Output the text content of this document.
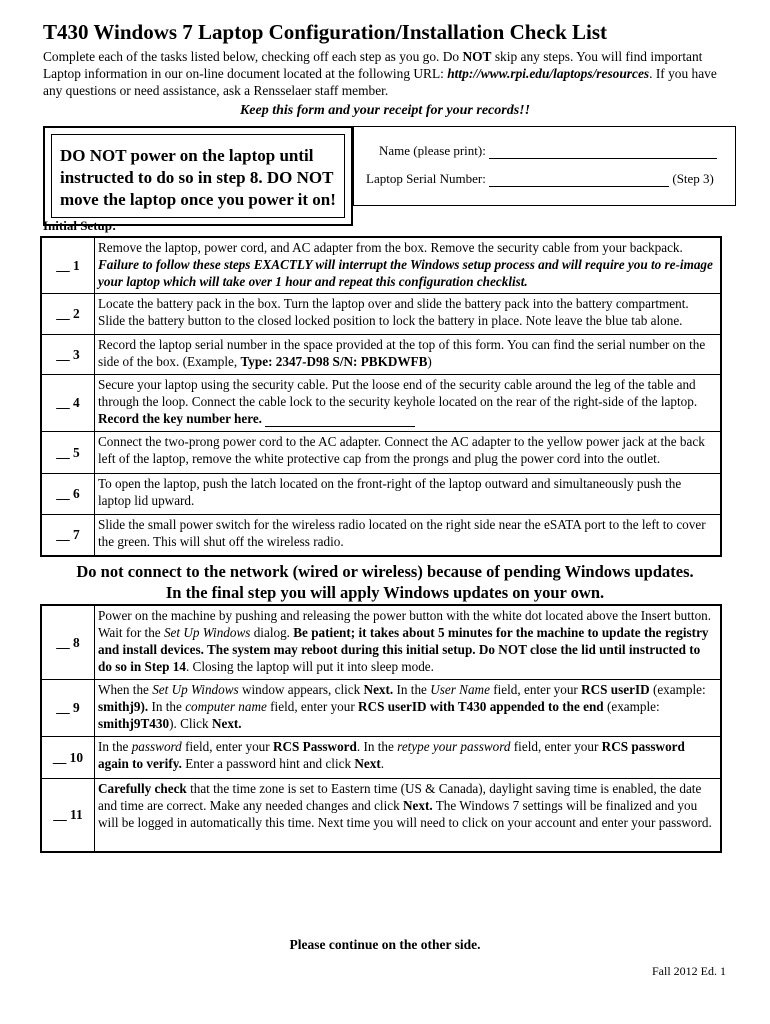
T430 Windows 7 Laptop Configuration/Installation Check List
Complete each of the tasks listed below, checking off each step as you go. Do NOT skip any steps. You will find important Laptop information in our on-line document located at the following URL: http://www.rpi.edu/laptops/resources. If you have any questions or need assistance, ask a Rensselaer staff member.
Keep this form and your receipt for your records!!
DO NOT power on the laptop until instructed to do so in step 8. DO NOT move the laptop once you power it on!
Name (please print):
Laptop Serial Number:	(Step 3)
Initial Setup:
__ 1
Remove the laptop, power cord, and AC adapter from the box. Remove the security cable from your backpack. Failure to follow these steps EXACTLY will interrupt the Windows setup process and will require you to re-image your laptop which will take over 1 hour and repeat this configuration checklist.
__ 2
Locate the battery pack in the box. Turn the laptop over and slide the battery pack into the battery compartment. Slide the battery button to the closed locked position to lock the battery in place. Note leave the blue tab alone.
__ 3
Record the laptop serial number in the space provided at the top of this form. You can find the serial number on the side of the box. (Example, Type: 2347-D98 S/N: PBKDWFB)
__ 4
Secure your laptop using the security cable. Put the loose end of the security cable around the leg of the table and through the loop. Connect the cable lock to the security keyhole located on the rear of the right-side of the laptop. Record the key number here.
__ 5
Connect the two-prong power cord to the AC adapter. Connect the AC adapter to the yellow power jack at the back left of the laptop, remove the white protective cap from the prongs and plug the power cord into the outlet.
__ 6
To open the laptop, push the latch located on the front-right of the laptop outward and simultaneously push the laptop lid upward.
__ 7
Slide the small power switch for the wireless radio located on the right side near the eSATA port to the left to cover the green. This will shut off the wireless radio.
Do not connect to the network (wired or wireless) because of pending Windows updates.
In the final step you will apply Windows updates on your own.
__ 8
Power on the machine by pushing and releasing the power button with the white dot located above the Insert button. Wait for the Set Up Windows dialog. Be patient; it takes about 5 minutes for the machine to update the registry and install devices. The system may reboot during this initial setup. Do NOT close the lid until instructed to do so in Step 14. Closing the laptop will put it into sleep mode.
__ 9
When the Set Up Windows window appears, click Next. In the User Name field, enter your RCS userID (example: smithj9). In the computer name field, enter your RCS userID with T430 appended to the end (example: smithj9T430). Click Next.
__ 10
In the password field, enter your RCS Password. In the retype your password field, enter your RCS password again to verify. Enter a password hint and click Next.
__ 11
Carefully check that the time zone is set to Eastern time (US & Canada), daylight saving time is enabled, the date and time are correct. Make any needed changes and click Next. The Windows 7 settings will be finalized and you will be logged in automatically this time. Next time you will need to click on your account and enter your password.
Please continue on the other side.
Fall 2012 Ed. 1
